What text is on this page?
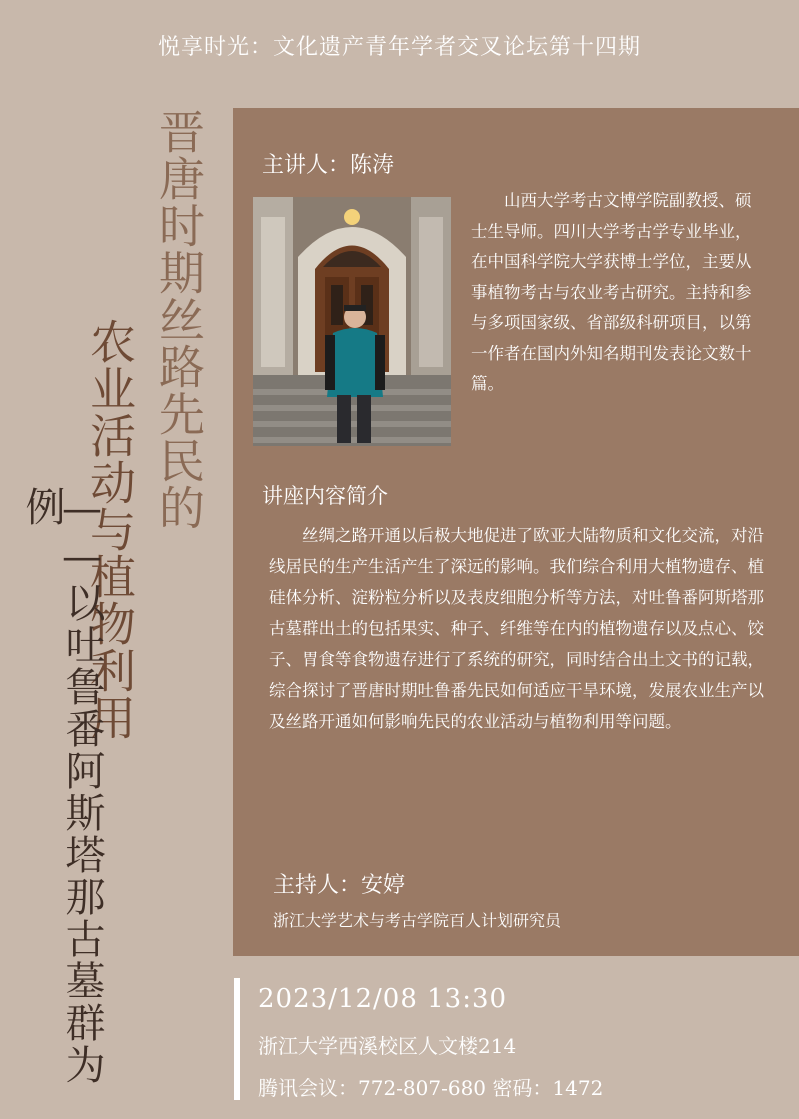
悦享时光：文化遗产青年学者交叉论坛第十四期
晋唐时期丝路先民的
农业活动与植物利用
——以吐鲁番阿斯塔那古墓群为例
主讲人：陈涛

山西大学考古文博学院副教授、硕士生导师。四川大学考古学专业毕业，在中国科学院大学获博士学位，主要从事植物考古与农业考古研究。主持和参与多项国家级、省部级科研项目，以第一作者在国内外知名期刊发表论文数十篇。

讲座内容简介

丝绸之路开通以后极大地促进了欧亚大陆物质和文化交流，对沿线居民的生产生活产生了深远的影响。我们综合利用大植物遗存、植硅体分析、淀粉粒分析以及表皮细胞分析等方法，对吐鲁番阿斯塔那古墓群出土的包括果实、种子、纤维等在内的植物遗存以及点心、饺子、胃食等食物遗存进行了系统的研究，同时结合出土文书的记载，综合探讨了晋唐时期吐鲁番先民如何适应干旱环境，发展农业生产以及丝路开通如何影响先民的农业活动与植物利用等问题。

主持人：安婷
浙江大学艺术与考古学院百人计划研究员
2023/12/08 13:30
浙江大学西溪校区人文楼214
腾讯会议：772-807-680 密码：1472
